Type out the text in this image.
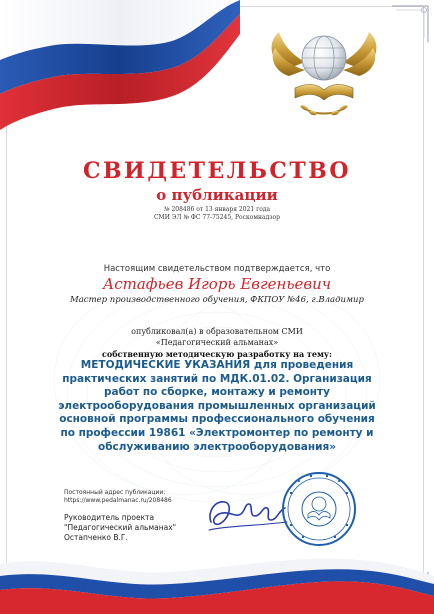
СВИДЕТЕЛЬСТВО
о публикации
№ 208486 от 13 января 2021 года
СМИ ЭЛ № ФС 77-75245, Роскомнадзор
Настоящим свидетельством подтверждается, что
Астафьев Игорь Евгеньевич
Мастер производственного обучения, ФКПОУ №46, г.Владимир
опубликовал(а) в образовательном СМИ
«Педагогический альманах»
собственную методическую разработку на тему:
МЕТОДИЧЕСКИЕ УКАЗАНИЯ для проведения практических занятий по МДК.01.02. Организация работ по сборке, монтажу и ремонту электрооборудования промышленных организаций основной программы профессионального обучения по профессии 19861 «Электромонтер по ремонту и обслуживанию электрооборудования»
Постоянный адрес публикации:
https://www.pedalmanac.ru/208486
Руководитель проекта
"Педагогический альманах"
Остапченко В.Г.
